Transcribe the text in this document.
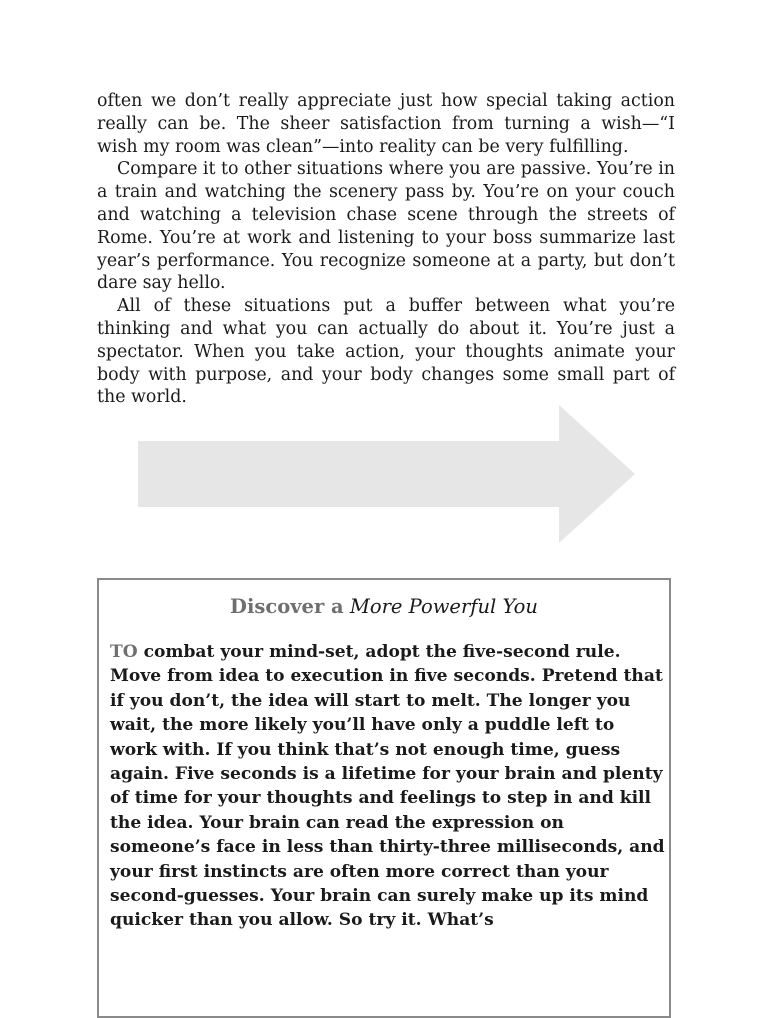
often we don’t really appreciate just how special taking action really can be. The sheer satisfaction from turning a wish—“I wish my room was clean”—into reality can be very fulfilling.

Compare it to other situations where you are passive. You’re in a train and watching the scenery pass by. You’re on your couch and watching a television chase scene through the streets of Rome. You’re at work and listening to your boss summarize last year’s performance. You recognize someone at a party, but don’t dare say hello.

All of these situations put a buffer between what you’re thinking and what you can actually do about it. You’re just a spectator. When you take action, your thoughts animate your body with purpose, and your body changes some small part of the world.

Discover a More Powerful You

TO combat your mind-set, adopt the five-second rule. Move from idea to execution in five seconds. Pretend that if you don’t, the idea will start to melt. The longer you wait, the more likely you’ll have only a puddle left to work with. If you think that’s not enough time, guess again. Five seconds is a lifetime for your brain and plenty of time for your thoughts and feelings to step in and kill the idea. Your brain can read the expression on someone’s face in less than thirty-three milliseconds, and your first instincts are often more correct than your second-guesses. Your brain can surely make up its mind quicker than you allow. So try it. What’s
